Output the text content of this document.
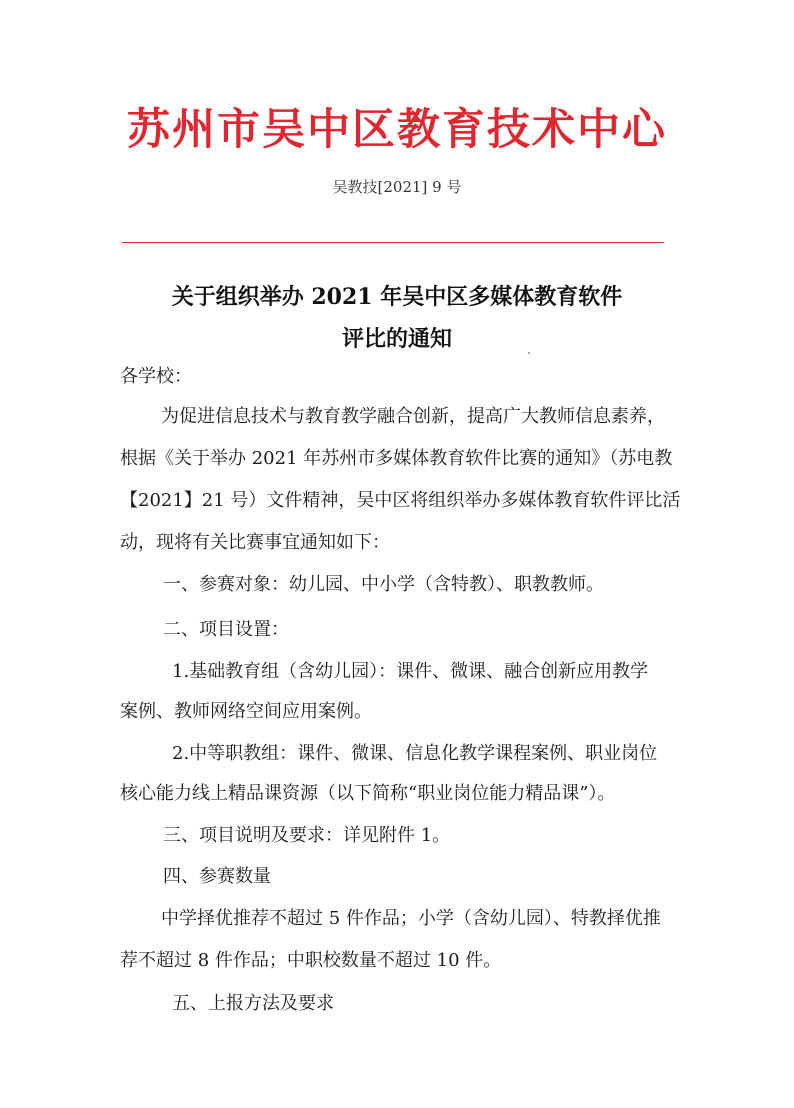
苏州市吴中区教育技术中心
吴教技[2021] 9 号
关于组织举办 2021 年吴中区多媒体教育软件
评比的通知
各学校：
为促进信息技术与教育教学融合创新，提高广大教师信息素养，
根据《关于举办 2021 年苏州市多媒体教育软件比赛的通知》（苏电教
【2021】21 号）文件精神，吴中区将组织举办多媒体教育软件评比活
动，现将有关比赛事宜通知如下：
一、参赛对象：幼儿园、中小学（含特教）、职教教师。
二、项目设置：
1.基础教育组（含幼儿园）：课件、微课、融合创新应用教学
案例、教师网络空间应用案例。
2.中等职教组：课件、微课、信息化教学课程案例、职业岗位
核心能力线上精品课资源（以下简称“职业岗位能力精品课”）。
三、项目说明及要求：详见附件 1。
四、参赛数量
中学择优推荐不超过 5 件作品；小学（含幼儿园）、特教择优推
荐不超过 8 件作品；中职校数量不超过 10 件。
五、上报方法及要求
